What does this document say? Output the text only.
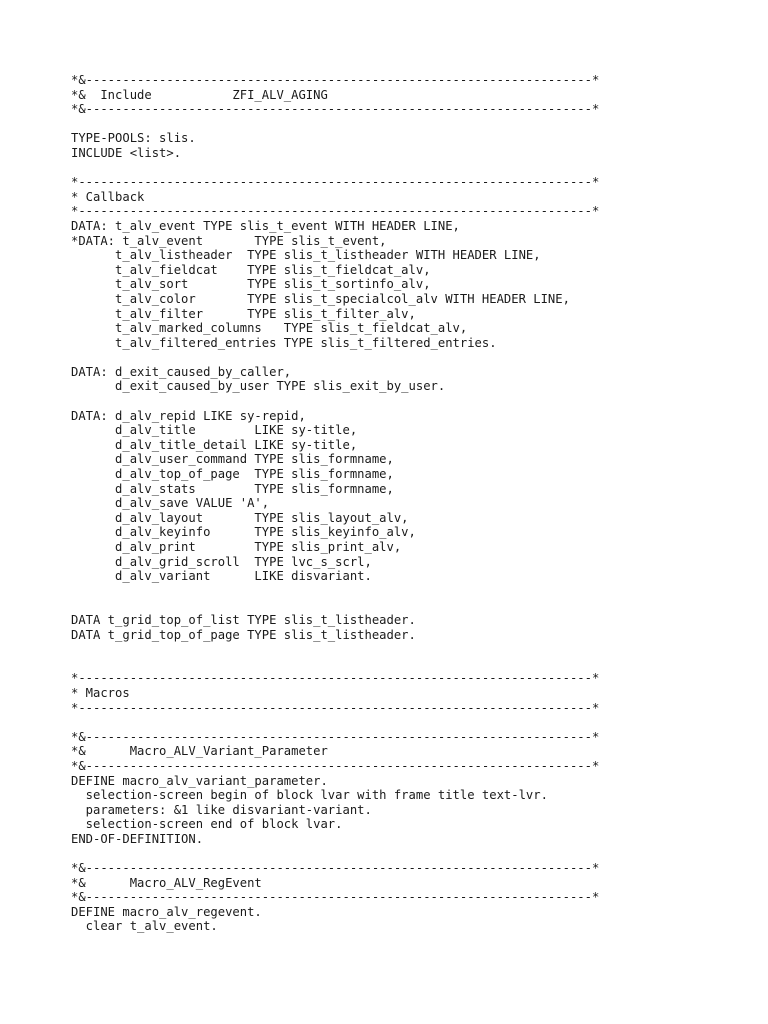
*&---------------------------------------------------------------------*
*&  Include           ZFI_ALV_AGING
*&---------------------------------------------------------------------*
TYPE-POOLS: slis.
INCLUDE <list>.
*----------------------------------------------------------------------*
* Callback
*----------------------------------------------------------------------*
DATA: t_alv_event TYPE slis_t_event WITH HEADER LINE,
*DATA: t_alv_event       TYPE slis_t_event,
t_alv_listheader  TYPE slis_t_listheader WITH HEADER LINE,
t_alv_fieldcat    TYPE slis_t_fieldcat_alv,
t_alv_sort        TYPE slis_t_sortinfo_alv,
t_alv_color       TYPE slis_t_specialcol_alv WITH HEADER LINE,
t_alv_filter      TYPE slis_t_filter_alv,
t_alv_marked_columns   TYPE slis_t_fieldcat_alv,
t_alv_filtered_entries TYPE slis_t_filtered_entries.
DATA: d_exit_caused_by_caller,
d_exit_caused_by_user TYPE slis_exit_by_user.
DATA: d_alv_repid LIKE sy-repid,
d_alv_title        LIKE sy-title,
d_alv_title_detail LIKE sy-title,
d_alv_user_command TYPE slis_formname,
d_alv_top_of_page  TYPE slis_formname,
d_alv_stats        TYPE slis_formname,
d_alv_save VALUE 'A',
d_alv_layout       TYPE slis_layout_alv,
d_alv_keyinfo      TYPE slis_keyinfo_alv,
d_alv_print        TYPE slis_print_alv,
d_alv_grid_scroll  TYPE lvc_s_scrl,
d_alv_variant      LIKE disvariant.
DATA t_grid_top_of_list TYPE slis_t_listheader.
DATA t_grid_top_of_page TYPE slis_t_listheader.
*----------------------------------------------------------------------*
* Macros
*----------------------------------------------------------------------*
*&---------------------------------------------------------------------*
*&      Macro_ALV_Variant_Parameter
*&---------------------------------------------------------------------*
DEFINE macro_alv_variant_parameter.
selection-screen begin of block lvar with frame title text-lvr.
parameters: &1 like disvariant-variant.
selection-screen end of block lvar.
END-OF-DEFINITION.
*&---------------------------------------------------------------------*
*&      Macro_ALV_RegEvent
*&---------------------------------------------------------------------*
DEFINE macro_alv_regevent.
clear t_alv_event.
